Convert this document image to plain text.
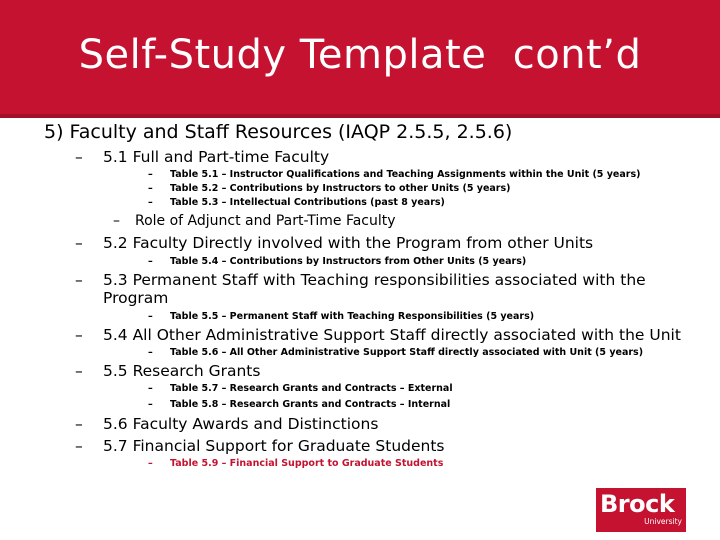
Self-Study Template  cont’d
5) Faculty and Staff Resources (IAQP 2.5.5, 2.5.6)
– 5.1 Full and Part-time Faculty
– Table 5.1 – Instructor Qualifications and Teaching Assignments within the Unit (5 years)
– Table 5.2 – Contributions by Instructors to other Units (5 years)
– Table 5.3 – Intellectual Contributions (past 8 years)
– Role of Adjunct and Part-Time Faculty
– 5.2 Faculty Directly involved with the Program from other Units
– Table 5.4 – Contributions by Instructors from Other Units (5 years)
– 5.3 Permanent Staff with Teaching responsibilities associated with the
Program
– Table 5.5 – Permanent Staff with Teaching Responsibilities (5 years)
– 5.4 All Other Administrative Support Staff directly associated with the Unit
– Table 5.6 – All Other Administrative Support Staff directly associated with Unit (5 years)
– 5.5 Research Grants
– Table 5.7 – Research Grants and Contracts – External
– Table 5.8 – Research Grants and Contracts – Internal
– 5.6 Faculty Awards and Distinctions
– 5.7 Financial Support for Graduate Students
– Table 5.9 – Financial Support to Graduate Students
Brock
University
